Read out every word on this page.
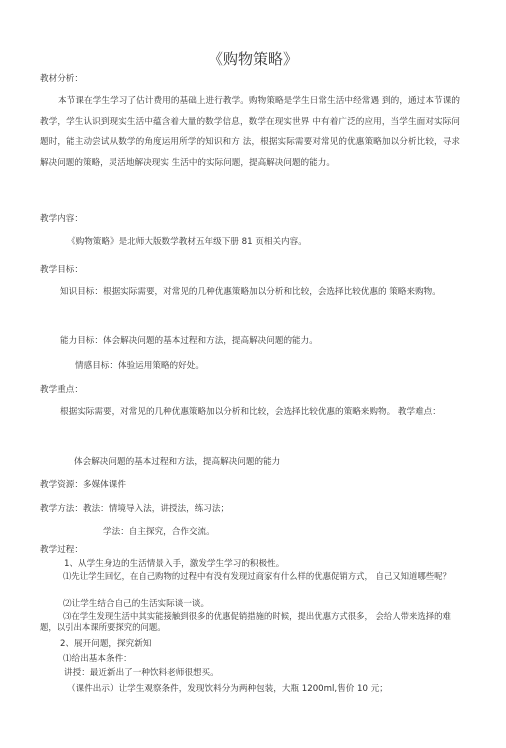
《购物策略》
教材分析：
本节课在学生学习了估计费用的基础上进行教学。购物策略是学生日常生活中经常遇 到的，通过本节课的教学，学生认识到现实生活中蕴含着大量的数学信息，数学在现实世界 中有着广泛的应用，当学生面对实际问题时，能主动尝试从数学的角度运用所学的知识和方 法，根据实际需要对常见的优惠策略加以分析比较，寻求解决问题的策略，灵活地解决现实 生活中的实际问题，提高解决问题的能力。
教学内容：
《购物策略》是北师大版数学教材五年级下册 81 页相关内容。
教学目标：
知识目标：根据实际需要，对常见的几种优惠策略加以分析和比较，会选择比较优惠的 策略来购物。
能力目标：体会解决问题的基本过程和方法，提高解决问题的能力。
情感目标：体验运用策略的好处。
教学重点：
根据实际需要，对常见的几种优惠策略加以分析和比较，会选择比较优惠的策略来购物。 教学难点：
体会解决问题的基本过程和方法，提高解决问题的能力
教学资源：多媒体课件
教学方法：教法：情境导入法，讲授法，练习法；
学法：自主探究，合作交流。
教学过程：
1、从学生身边的生活情景入手，激发学生学习的积极性。
⑴先让学生回忆，在自己购物的过程中有没有发现过商家有什么样的优惠促销方式， 自己又知道哪些呢？
⑵让学生结合自己的生活实际谈一谈。
⑶在学生发现生活中其实能接触到很多的优惠促销措施的时候，提出优惠方式很多， 会给人带来选择的难题，以引出本课所要探究的问题。
2、展开问题，探究新知
⑴给出基本条件：
讲授：最近新出了一种饮料老师很想买。
（课件出示）让学生观察条件，发现饮料分为两种包装，大瓶 1200ml,售价 10 元；
